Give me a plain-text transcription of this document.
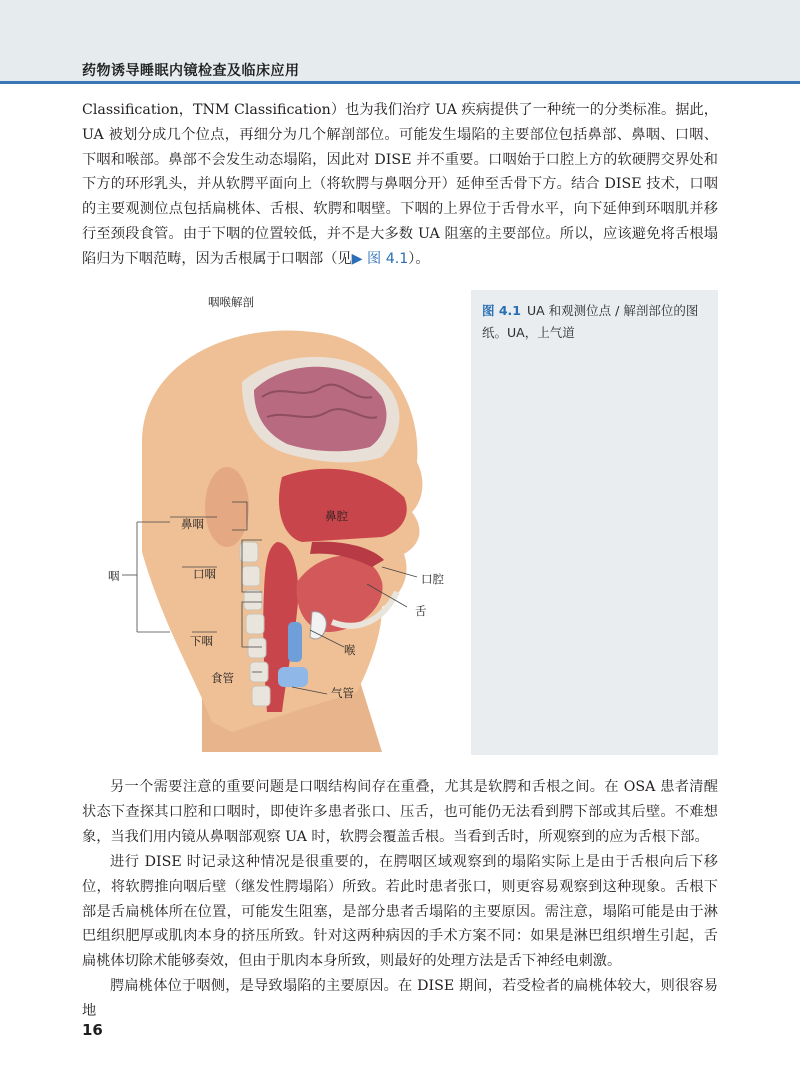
药物诱导睡眠内镜检查及临床应用

Classification，TNM Classification）也为我们治疗 UA 疾病提供了一种统一的分类标准。据此，UA 被划分成几个位点，再细分为几个解剖部位。可能发生塌陷的主要部位包括鼻部、鼻咽、口咽、下咽和喉部。鼻部不会发生动态塌陷，因此对 DISE 并不重要。口咽始于口腔上方的软硬腭交界处和下方的环形乳头，并从软腭平面向上（将软腭与鼻咽分开）延伸至舌骨下方。结合 DISE 技术，口咽的主要观测位点包括扁桃体、舌根、软腭和咽壁。下咽的上界位于舌骨水平，向下延伸到环咽肌并移行至颈段食管。由于下咽的位置较低，并不是大多数 UA 阻塞的主要部位。所以，应该避免将舌根塌陷归为下咽范畴，因为舌根属于口咽部（见▶ 图 4.1）。

咽喉解剖
鼻腔
鼻咽
咽	口咽	口腔
舌
下咽
喉
食管
气管
图 4.1 UA 和观测位点 / 解剖部位的图纸。UA，上气道

另一个需要注意的重要问题是口咽结构间存在重叠，尤其是软腭和舌根之间。在 OSA 患者清醒状态下查探其口腔和口咽时，即使许多患者张口、压舌，也可能仍无法看到腭下部或其后壁。不难想象，当我们用内镜从鼻咽部观察 UA 时，软腭会覆盖舌根。当看到舌时，所观察到的应为舌根下部。

进行 DISE 时记录这种情况是很重要的，在腭咽区域观察到的塌陷实际上是由于舌根向后下移位，将软腭推向咽后壁（继发性腭塌陷）所致。若此时患者张口，则更容易观察到这种现象。舌根下部是舌扁桃体所在位置，可能发生阻塞，是部分患者舌塌陷的主要原因。需注意，塌陷可能是由于淋巴组织肥厚或肌肉本身的挤压所致。针对这两种病因的手术方案不同：如果是淋巴组织增生引起，舌扁桃体切除术能够奏效，但由于肌肉本身所致，则最好的处理方法是舌下神经电刺激。

腭扁桃体位于咽侧，是导致塌陷的主要原因。在 DISE 期间，若受检者的扁桃体较大，则很容易地

16
